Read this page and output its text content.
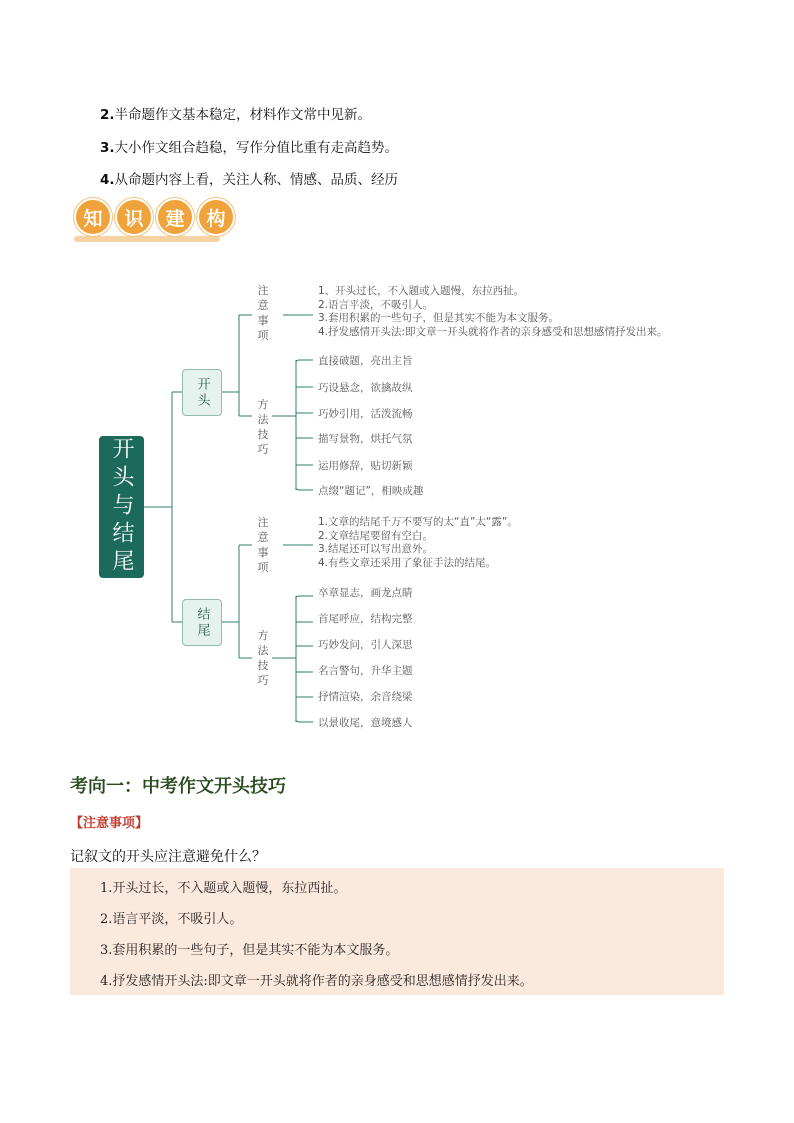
2.半命题作文基本稳定，材料作文常中见新。
3.大小作文组合趋稳，写作分值比重有走高趋势。
4.从命题内容上看，关注人称、情感、品质、经历
知	识	建	构
开头与结尾
开头
结尾
注意事项
方法技巧
注意事项
方法技巧
1、开头过长，不入题或入题慢，东拉西扯。
2.语言平淡，不吸引人。
3.套用积累的一些句子，但是其实不能为本文服务。
4.抒发感情开头法:即文章一开头就将作者的亲身感受和思想感情抒发出来。
直接破题，亮出主旨
巧设悬念，欲擒故纵
巧妙引用，活泼流畅
描写景物，烘托气氛
运用修辞，贴切新颖
点缀“题记”，相映成趣
1.文章的结尾千万不要写的太“直”太“露”。
2.文章结尾要留有空白。
3.结尾还可以写出意外。
4.有些文章还采用了象征手法的结尾。
卒章显志，画龙点睛
首尾呼应，结构完整
巧妙发问，引人深思
名言警句，升华主题
抒情渲染，余音绕梁
以景收尾，意境感人
考向一：中考作文开头技巧
【注意事项】
记叙文的开头应注意避免什么？
1.开头过长，不入题或入题慢，东拉西扯。
2.语言平淡，不吸引人。
3.套用积累的一些句子，但是其实不能为本文服务。
4.抒发感情开头法:即文章一开头就将作者的亲身感受和思想感情抒发出来。
